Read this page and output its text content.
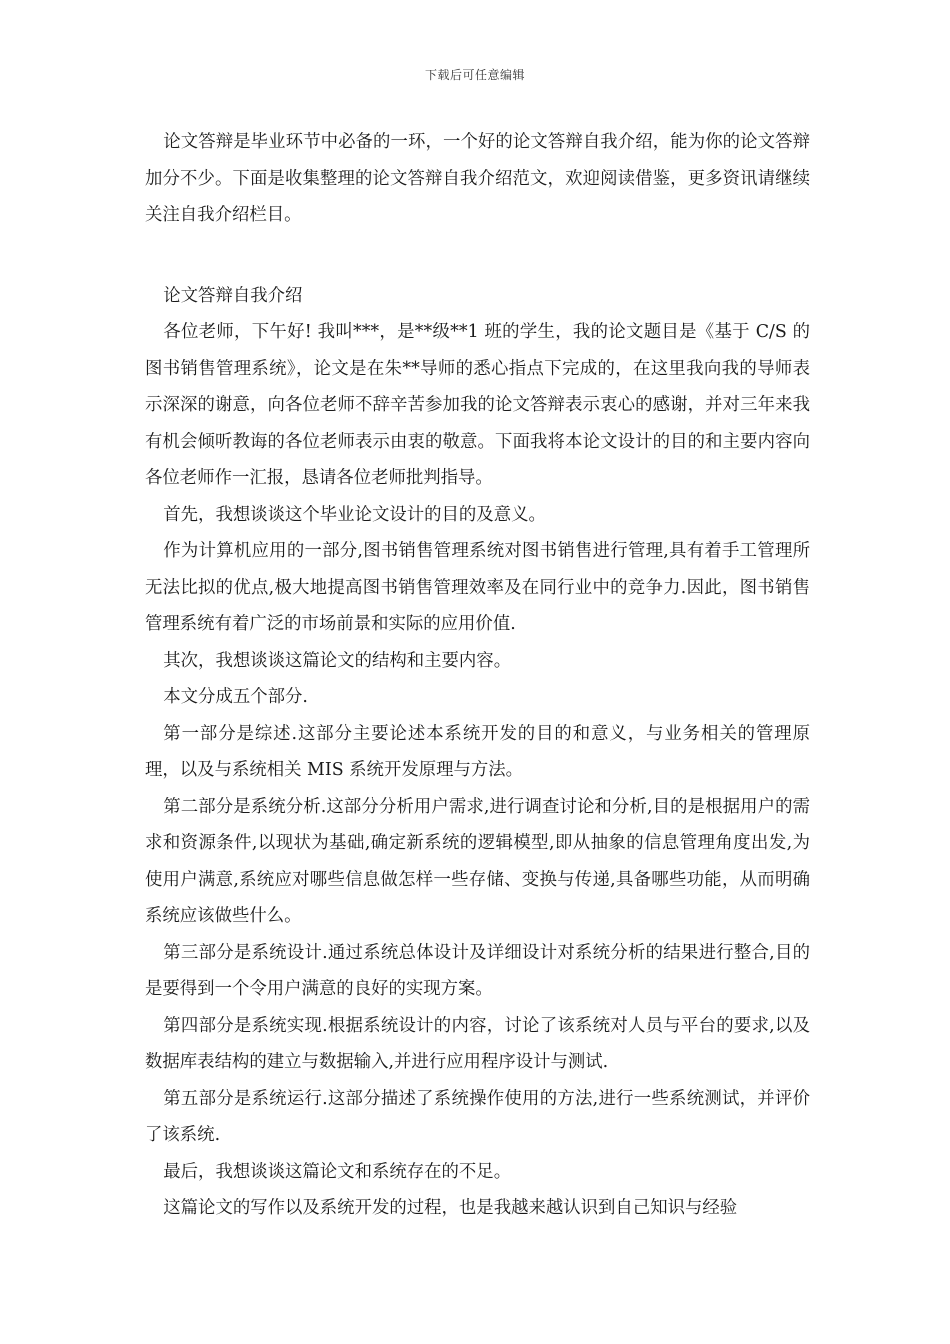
下载后可任意编辑

论文答辩是毕业环节中必备的一环，一个好的论文答辩自我介绍，能为你的论文答辩加分不少。下面是收集整理的论文答辩自我介绍范文，欢迎阅读借鉴，更多资讯请继续关注自我介绍栏目。

论文答辩自我介绍

各位老师，下午好! 我叫***，是**级**1 班的学生，我的论文题目是《基于 C/S 的图书销售管理系统》，论文是在朱**导师的悉心指点下完成的，在这里我向我的导师表示深深的谢意，向各位老师不辞辛苦参加我的论文答辩表示衷心的感谢，并对三年来我有机会倾听教诲的各位老师表示由衷的敬意。下面我将本论文设计的目的和主要内容向各位老师作一汇报，恳请各位老师批判指导。

首先，我想谈谈这个毕业论文设计的目的及意义。

作为计算机应用的一部分,图书销售管理系统对图书销售进行管理,具有着手工管理所无法比拟的优点,极大地提高图书销售管理效率及在同行业中的竞争力.因此，图书销售管理系统有着广泛的市场前景和实际的应用价值.

其次，我想谈谈这篇论文的结构和主要内容。

本文分成五个部分.

第一部分是综述.这部分主要论述本系统开发的目的和意义，与业务相关的管理原理，以及与系统相关 MIS 系统开发原理与方法。

第二部分是系统分析.这部分分析用户需求,进行调查讨论和分析,目的是根据用户的需求和资源条件,以现状为基础,确定新系统的逻辑模型,即从抽象的信息管理角度出发,为使用户满意,系统应对哪些信息做怎样一些存储、变换与传递,具备哪些功能，从而明确系统应该做些什么。

第三部分是系统设计.通过系统总体设计及详细设计对系统分析的结果进行整合,目的是要得到一个令用户满意的良好的实现方案。

第四部分是系统实现.根据系统设计的内容，讨论了该系统对人员与平台的要求,以及数据库表结构的建立与数据输入,并进行应用程序设计与测试.

第五部分是系统运行.这部分描述了系统操作使用的方法,进行一些系统测试，并评价了该系统.

最后，我想谈谈这篇论文和系统存在的不足。

这篇论文的写作以及系统开发的过程，也是我越来越认识到自己知识与经验
